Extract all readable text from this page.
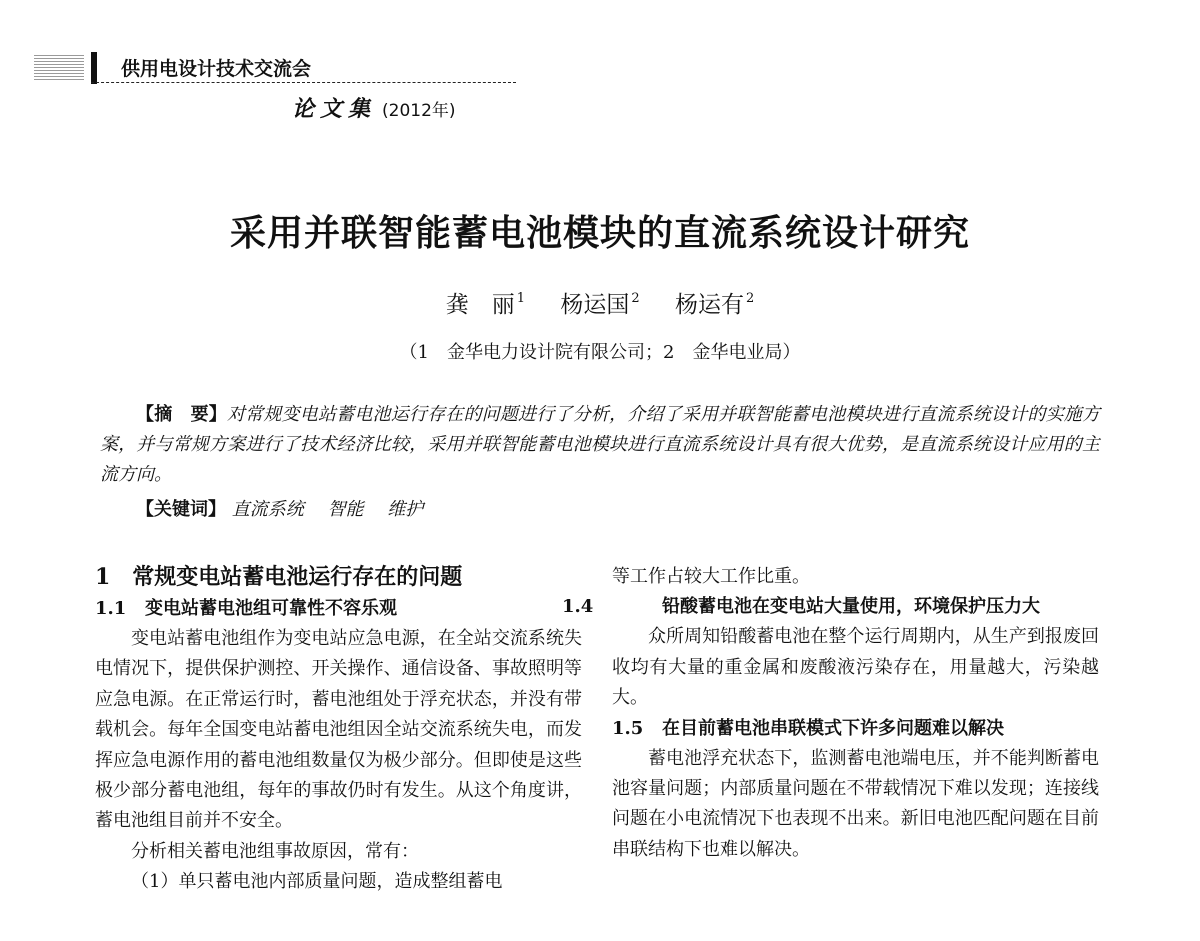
供用电设计技术交流会
论文集 (2012年)
采用并联智能蓄电池模块的直流系统设计研究
龚　丽 $^1$ 杨运国 $^2$ 杨运有 $^2$
（1　金华电力设计院有限公司；2　金华电业局）
【摘　要】对常规变电站蓄电池运行存在的问题进行了分析，介绍了采用并联智能蓄电池模块进行直流系统设计的实施方案，并与常规方案进行了技术经济比较，采用并联智能蓄电池模块进行直流系统设计具有很大优势，是直流系统设计应用的主流方向。
【关键词】 直流系统 智能 维护
1　常规变电站蓄电池运行存在的问题
1.1 变电站蓄电池组可靠性不容乐观

变电站蓄电池组作为变电站应急电源，在全站交流系统失电情况下，提供保护测控、开关操作、通信设备、事故照明等应急电源。在正常运行时，蓄电池组处于浮充状态，并没有带载机会。每年全国变电站蓄电池组因全站交流系统失电，而发挥应急电源作用的蓄电池组数量仅为极少部分。但即使是这些极少部分蓄电池组，每年的事故仍时有发生。从这个角度讲，蓄电池组目前并不安全。

分析相关蓄电池组事故原因，常有：

（1）单只蓄电池内部质量问题，造成整组蓄电

等工作占较大工作比重。

1.4	铅酸蓄电池在变电站大量使用，环境保护压力大

众所周知铅酸蓄电池在整个运行周期内，从生产到报废回收均有大量的重金属和废酸液污染存在，用量越大，污染越大。

1.5 在目前蓄电池串联模式下许多问题难以解决

蓄电池浮充状态下，监测蓄电池端电压，并不能判断蓄电池容量问题；内部质量问题在不带载情况下难以发现；连接线问题在小电流情况下也表现不出来。新旧电池匹配问题在目前串联结构下也难以解决。
